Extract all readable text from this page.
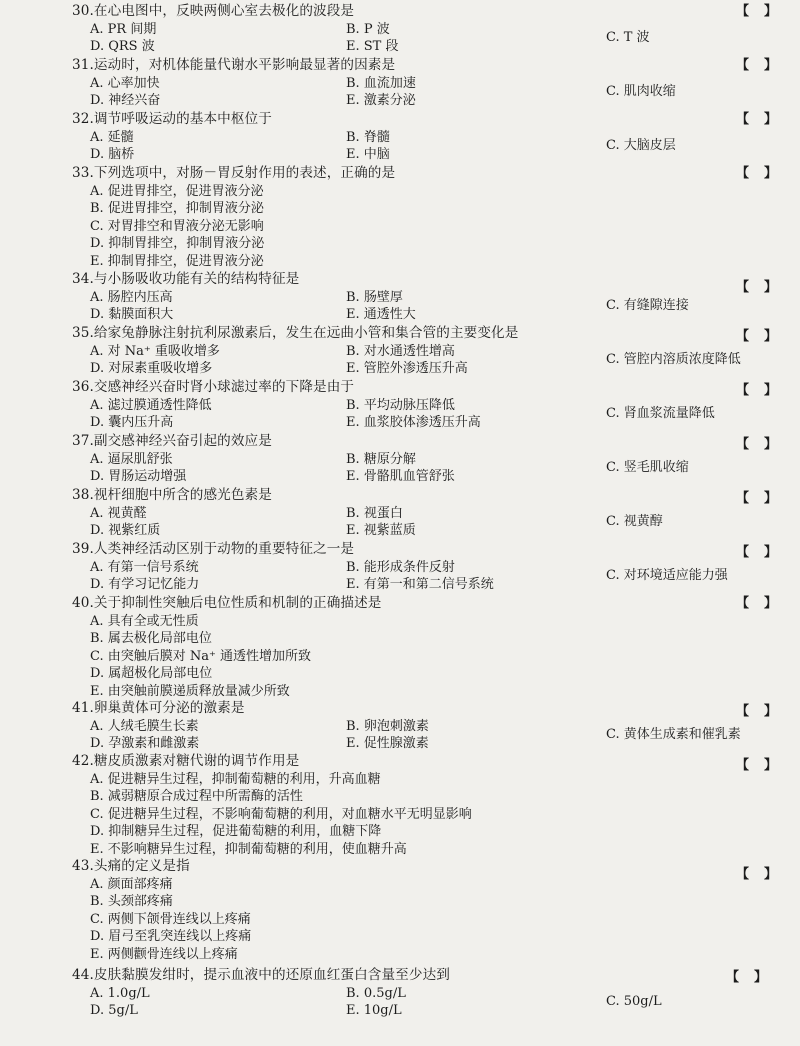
30.在心电图中，反映两侧心室去极化的波段是	【　】
A. PR 间期	B. P 波
C. T 波
D. QRS 波	E. ST 段
31.运动时，对机体能量代谢水平影响最显著的因素是	【　】
A. 心率加快	B. 血流加速
C. 肌肉收缩
D. 神经兴奋	E. 激素分泌
32.调节呼吸运动的基本中枢位于	【　】
A. 延髓	B. 脊髓
C. 大脑皮层
D. 脑桥	E. 中脑
33.下列选项中，对肠－胃反射作用的表述，正确的是	【　】
A. 促进胃排空，促进胃液分泌
B. 促进胃排空，抑制胃液分泌
C. 对胃排空和胃液分泌无影响
D. 抑制胃排空，抑制胃液分泌
E. 抑制胃排空，促进胃液分泌
34.与小肠吸收功能有关的结构特征是
【　】
A. 肠腔内压高	B. 肠壁厚
C. 有缝隙连接
D. 黏膜面积大	E. 通透性大
35.给家兔静脉注射抗利尿激素后，发生在远曲小管和集合管的主要变化是	【　】
A. 对 Na⁺ 重吸收增多	B. 对水通透性增高
C. 管腔内溶质浓度降低
D. 对尿素重吸收增多	E. 管腔外渗透压升高
36.交感神经兴奋时肾小球滤过率的下降是由于	【　】
A. 滤过膜通透性降低	B. 平均动脉压降低
C. 肾血浆流量降低
D. 囊内压升高	E. 血浆胶体渗透压升高
37.副交感神经兴奋引起的效应是	【　】
A. 逼尿肌舒张	B. 糖原分解
C. 竖毛肌收缩
D. 胃肠运动增强	E. 骨骼肌血管舒张
38.视杆细胞中所含的感光色素是	【　】
A. 视黄醛	B. 视蛋白
C. 视黄醇
D. 视紫红质	E. 视紫蓝质
39.人类神经活动区别于动物的重要特征之一是	【　】
A. 有第一信号系统	B. 能形成条件反射
C. 对环境适应能力强
D. 有学习记忆能力	E. 有第一和第二信号系统
40.关于抑制性突触后电位性质和机制的正确描述是	【　】
A. 具有全或无性质
B. 属去极化局部电位
C. 由突触后膜对 Na⁺ 通透性增加所致
D. 属超极化局部电位
E. 由突触前膜递质释放量减少所致
41.卵巢黄体可分泌的激素是	【　】
A. 人绒毛膜生长素	B. 卵泡刺激素
C. 黄体生成素和催乳素
D. 孕激素和雌激素	E. 促性腺激素
42.糖皮质激素对糖代谢的调节作用是	【　】
A. 促进糖异生过程，抑制葡萄糖的利用，升高血糖
B. 减弱糖原合成过程中所需酶的活性
C. 促进糖异生过程，不影响葡萄糖的利用，对血糖水平无明显影响
D. 抑制糖异生过程，促进葡萄糖的利用，血糖下降
E. 不影响糖异生过程，抑制葡萄糖的利用，使血糖升高
43.头痛的定义是指
【　】
A. 颜面部疼痛
B. 头颈部疼痛
C. 两侧下颌骨连线以上疼痛
D. 眉弓至乳突连线以上疼痛
E. 两侧颧骨连线以上疼痛
44.皮肤黏膜发绀时，提示血液中的还原血红蛋白含量至少达到	【　】
A. 1.0g/L	B. 0.5g/L
C. 50g/L
D. 5g/L	E. 10g/L
